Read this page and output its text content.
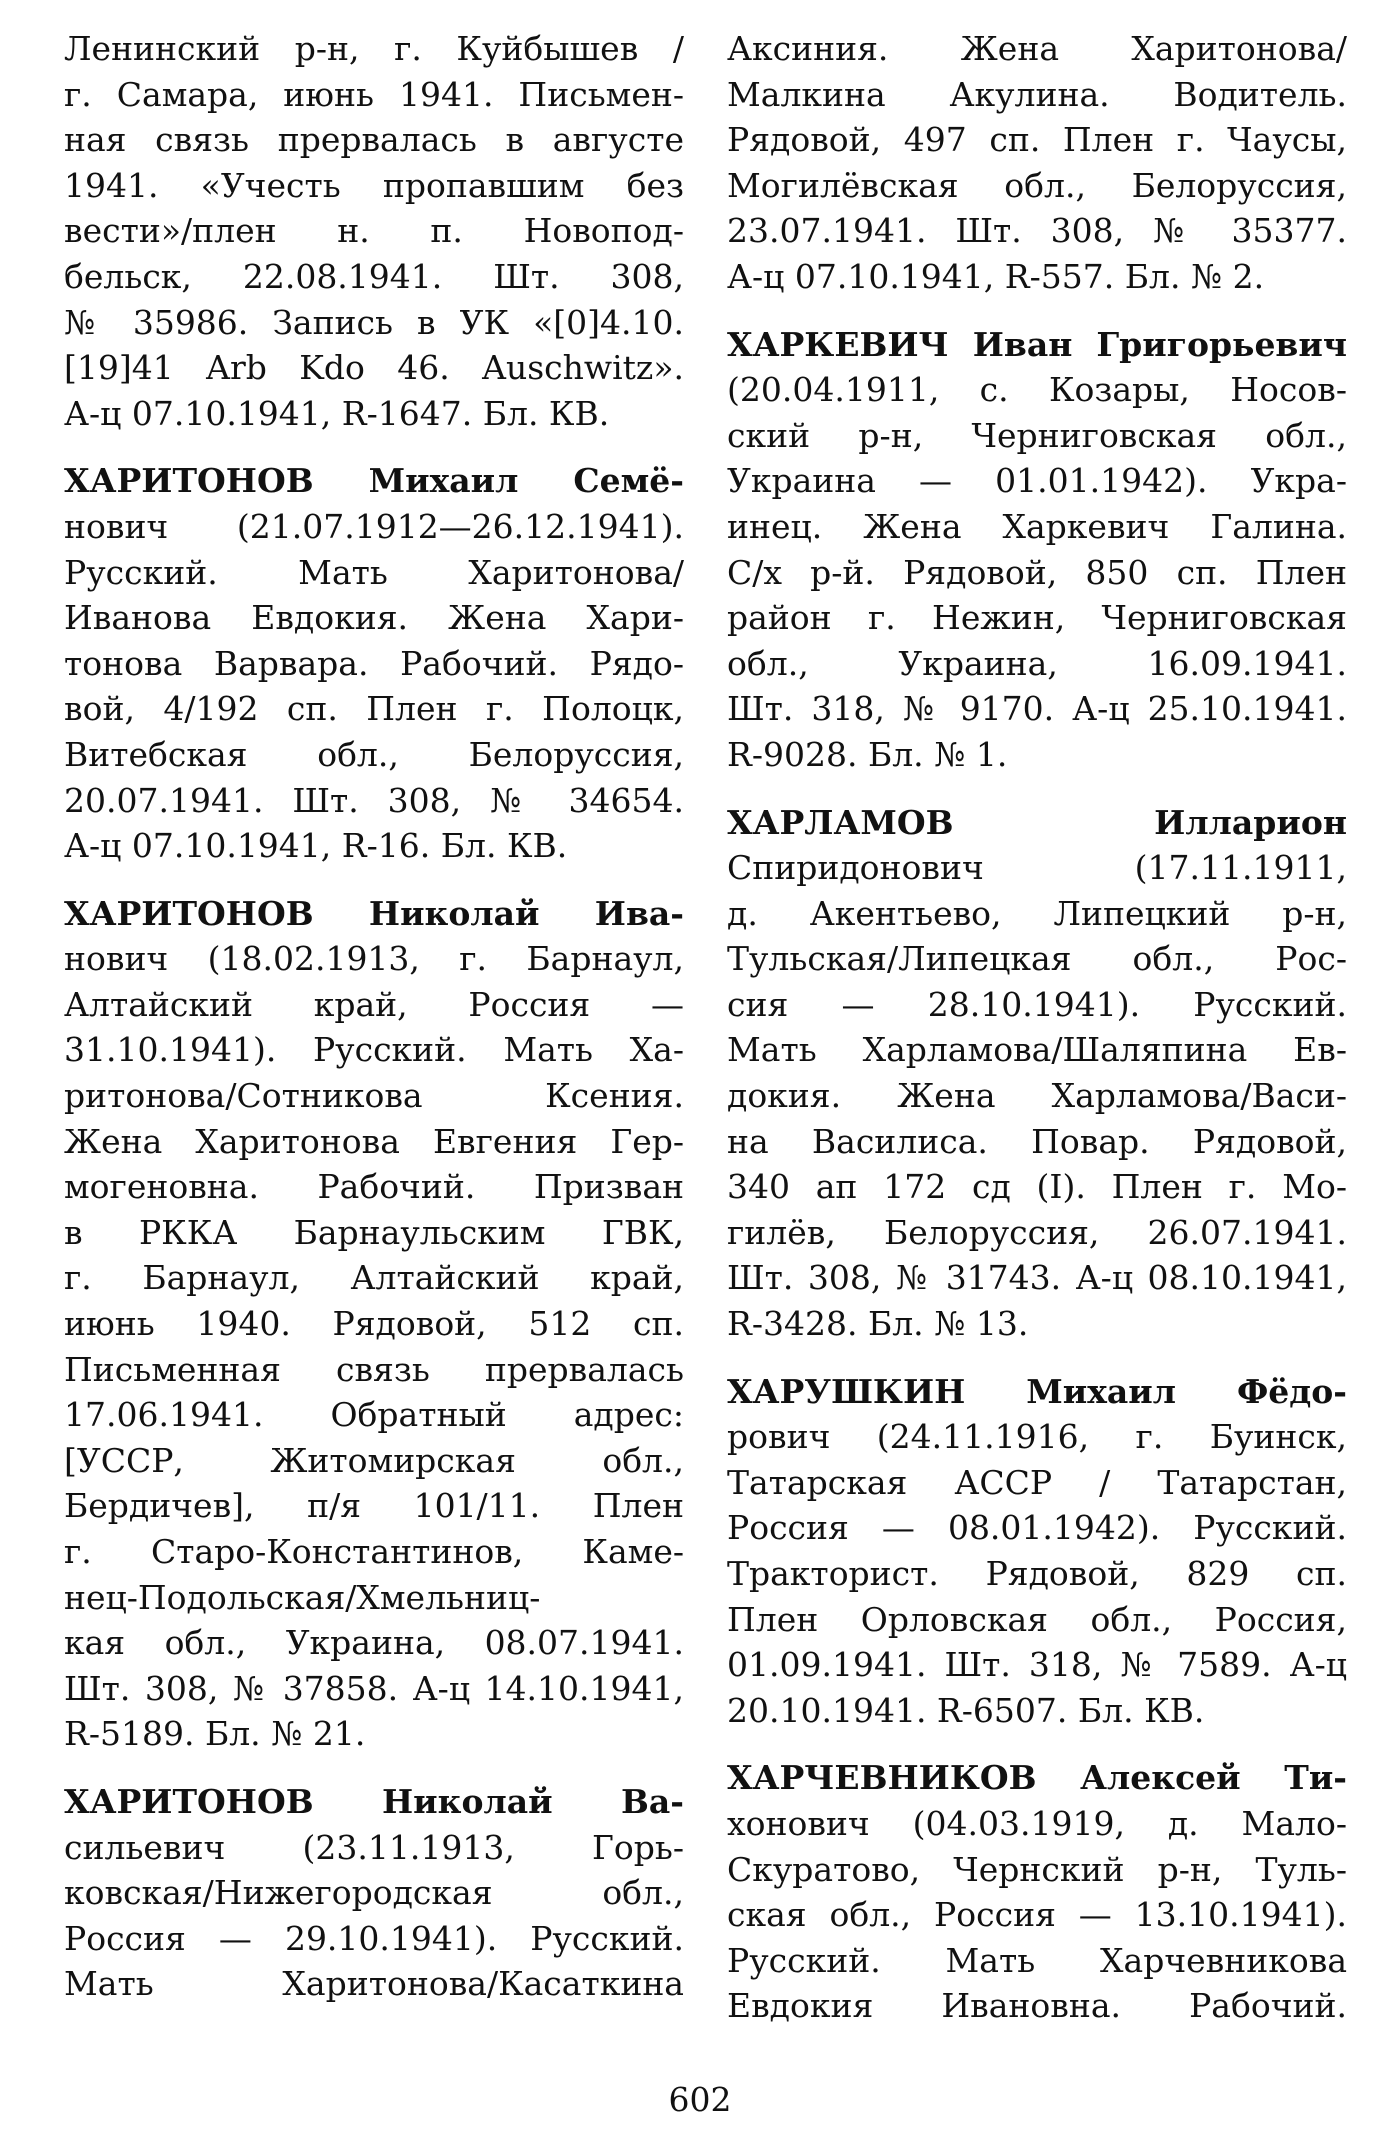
Ленинский р-н, г. Куйбышев /
г. Самара, июнь 1941. Письмен-
ная связь прервалась в августе
1941. «Учесть пропавшим без
вести»/плен н. п. Новопод-
бельск, 22.08.1941. Шт. 308,
№ 35986. Запись в УК «[0]4.10.
[19]41 Arb Kdo 46. Auschwitz».
А-ц 07.10.1941, R-1647. Бл. КВ.
ХАРИТОНОВ Михаил Семё-
нович (21.07.1912—26.12.1941).
Русский. Мать Харитонова/
Иванова Евдокия. Жена Хари-
тонова Варвара. Рабочий. Рядо-
вой, 4/192 сп. Плен г. Полоцк,
Витебская обл., Белоруссия,
20.07.1941. Шт. 308, № 34654.
А-ц 07.10.1941, R-16. Бл. КВ.
ХАРИТОНОВ Николай Ива-
нович (18.02.1913, г. Барнаул,
Алтайский край, Россия —
31.10.1941). Русский. Мать Ха-
ритонова/Сотникова Ксения.
Жена Харитонова Евгения Гер-
могеновна. Рабочий. Призван
в РККА Барнаульским ГВК,
г. Барнаул, Алтайский край,
июнь 1940. Рядовой, 512 сп.
Письменная связь прервалась
17.06.1941. Обратный адрес:
[УССР, Житомирская обл.,
Бердичев], п/я 101/11. Плен
г. Старо-Константинов, Каме-
нец-Подольская/Хмельниц-
кая обл., Украина, 08.07.1941.
Шт. 308, № 37858. А-ц 14.10.1941,
R-5189. Бл. № 21.
ХАРИТОНОВ Николай Ва-
сильевич (23.11.1913, Горь-
ковская/Нижегородская обл.,
Россия — 29.10.1941). Русский.
Мать Харитонова/Касаткина
Аксиния. Жена Харитонова/
Малкина Акулина. Водитель.
Рядовой, 497 сп. Плен г. Чаусы,
Могилёвская обл., Белоруссия,
23.07.1941. Шт. 308, № 35377.
А-ц 07.10.1941, R-557. Бл. № 2.
ХАРКЕВИЧ Иван Григорьевич
(20.04.1911, с. Козары, Носов-
ский р-н, Черниговская обл.,
Украина — 01.01.1942). Укра-
инец. Жена Харкевич Галина.
С/х р-й. Рядовой, 850 сп. Плен
район г. Нежин, Черниговская
обл., Украина, 16.09.1941.
Шт. 318, № 9170. А-ц 25.10.1941.
R-9028. Бл. № 1.
ХАРЛАМОВ Илларион
Спиридонович (17.11.1911,
д. Акентьево, Липецкий р-н,
Тульская/Липецкая обл., Рос-
сия — 28.10.1941). Русский.
Мать Харламова/Шаляпина Ев-
докия. Жена Харламова/Васи-
на Василиса. Повар. Рядовой,
340 ап 172 сд (I). Плен г. Мо-
гилёв, Белоруссия, 26.07.1941.
Шт. 308, № 31743. А-ц 08.10.1941,
R-3428. Бл. № 13.
ХАРУШКИН Михаил Фёдо-
рович (24.11.1916, г. Буинск,
Татарская АССР / Татарстан,
Россия — 08.01.1942). Русский.
Тракторист. Рядовой, 829 сп.
Плен Орловская обл., Россия,
01.09.1941. Шт. 318, № 7589. А-ц
20.10.1941. R-6507. Бл. КВ.
ХАРЧЕВНИКОВ Алексей Ти-
хонович (04.03.1919, д. Мало-
Скуратово, Чернский р-н, Туль-
ская обл., Россия — 13.10.1941).
Русский. Мать Харчевникова
Евдокия Ивановна. Рабочий.
602
